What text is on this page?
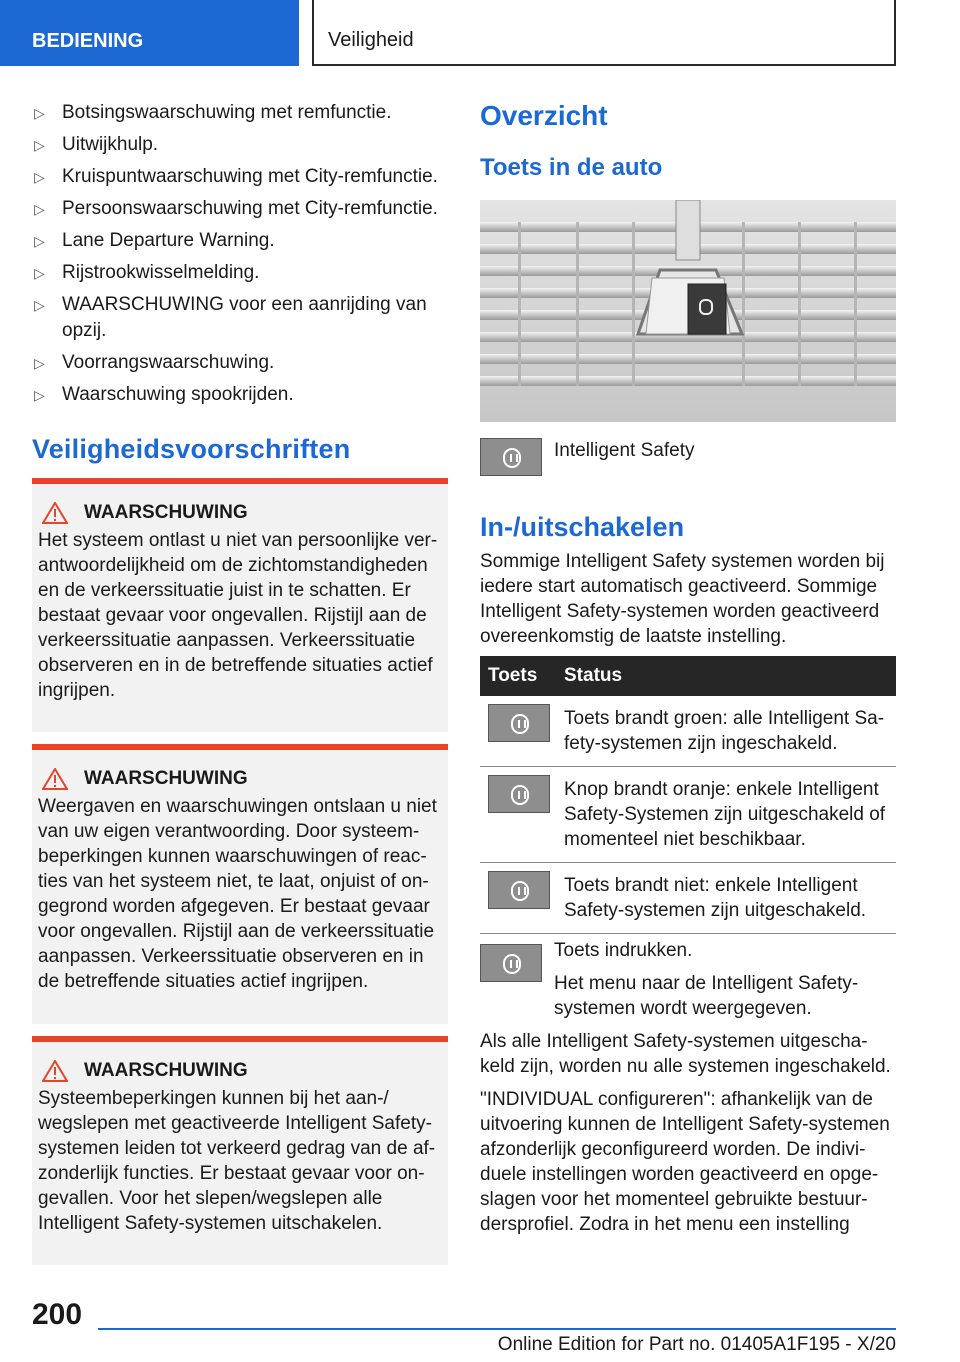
BEDIENING	Veiligheid
▷ Botsingswaarschuwing met remfunctie.
▷ Uitwijkhulp.
▷ Kruispuntwaarschuwing met City-remfunctie.
▷ Persoonswaarschuwing met City-remfunctie.
▷ Lane Departure Warning.
▷ Rijstrookwisselmelding.
▷ WAARSCHUWING voor een aanrijding van opzij.
▷ Voorrangswaarschuwing.
▷ Waarschuwing spookrijden.
Veiligheidsvoorschriften
WAARSCHUWING

Het systeem ontlast u niet van persoonlijke ver-antwoordelijkheid om de zichtomstandigheden en de verkeerssituatie juist in te schatten. Er bestaat gevaar voor ongevallen. Rijstijl aan de verkeerssituatie aanpassen. Verkeerssituatie observeren en in de betreffende situaties actief ingrijpen.

WAARSCHUWING

Weergaven en waarschuwingen ontslaan u niet van uw eigen verantwoording. Door systeem-beperkingen kunnen waarschuwingen of reac-ties van het systeem niet, te laat, onjuist of on-gegrond worden afgegeven. Er bestaat gevaar voor ongevallen. Rijstijl aan de verkeerssituatie aanpassen. Verkeerssituatie observeren en in de betreffende situaties actief ingrijpen.

WAARSCHUWING

Systeembeperkingen kunnen bij het aan-/ wegslepen met geactiveerde Intelligent Safety-systemen leiden tot verkeerd gedrag van de af-zonderlijk functies. Er bestaat gevaar voor on-gevallen. Voor het slepen/wegslepen alle Intelligent Safety-systemen uitschakelen.

Overzicht
Toets in de auto
Intelligent Safety
In-/uitschakelen

Sommige Intelligent Safety systemen worden bij iedere start automatisch geactiveerd. Sommige Intelligent Safety-systemen worden geactiveerd overeenkomstig de laatste instelling.

Toets	Status

	Toets brandt groen: alle Intelligent Sa-fety-systemen zijn ingeschakeld.

	Knop brandt oranje: enkele Intelligent Safety-Systemen zijn uitgeschakeld of momenteel niet beschikbaar.

	Toets brandt niet: enkele Intelligent Safety-systemen zijn uitgeschakeld.
Toets indrukken.
Het menu naar de Intelligent Safety-systemen wordt weergegeven.

Als alle Intelligent Safety-systemen uitgescha-keld zijn, worden nu alle systemen ingeschakeld.

"INDIVIDUAL configureren": afhankelijk van de uitvoering kunnen de Intelligent Safety-systemen afzonderlijk geconfigureerd worden. De indivi-duele instellingen worden geactiveerd en opge-slagen voor het momenteel gebruikte bestuur-dersprofiel. Zodra in het menu een instelling

200
Online Edition for Part no. 01405A1F195 - X/20
